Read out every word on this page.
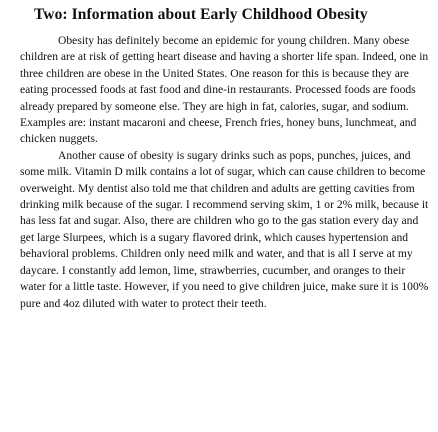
Two: Information about Early Childhood Obesity

Obesity has definitely become an epidemic for young children. Many obese children are at risk of getting heart disease and having a shorter life span. Indeed, one in three children are obese in the United States. One reason for this is because they are eating processed foods at fast food and dine-in restaurants. Processed foods are foods already prepared by someone else. They are high in fat, calories, sugar, and sodium. Examples are: instant macaroni and cheese, French fries, honey buns, lunchmeat, and chicken nuggets.

Another cause of obesity is sugary drinks such as pops, punches, juices, and some milk. Vitamin D milk contains a lot of sugar, which can cause children to become overweight. My dentist also told me that children and adults are getting cavities from drinking milk because of the sugar. I recommend serving skim, 1 or 2% milk, because it has less fat and sugar. Also, there are children who go to the gas station every day and get large Slurpees, which is a sugary flavored drink, which causes hypertension and behavioral problems. Children only need milk and water, and that is all I serve at my daycare. I constantly add lemon, lime, strawberries, cucumber, and oranges to their water for a little taste. However, if you need to give children juice, make sure it is 100% pure and 4oz diluted with water to protect their teeth.
